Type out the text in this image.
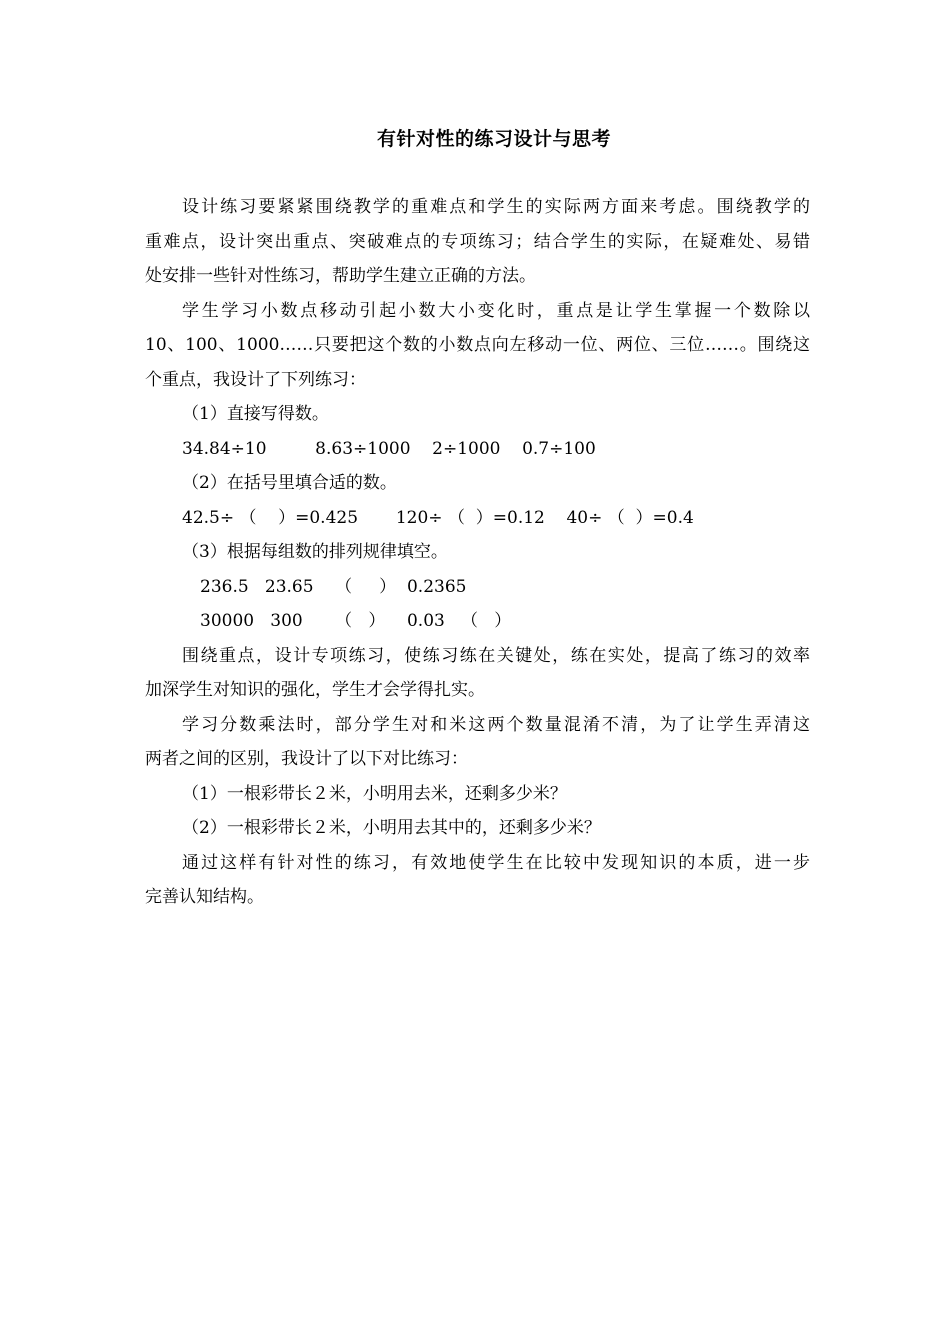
有针对性的练习设计与思考
设计练习要紧紧围绕教学的重难点和学生的实际两方面来考虑。围绕教学的
重难点，设计突出重点、突破难点的专项练习；结合学生的实际，在疑难处、易错
处安排一些针对性练习，帮助学生建立正确的方法。
学生学习小数点移动引起小数大小变化时，重点是让学生掌握一个数除以
10、100、1000……只要把这个数的小数点向左移动一位、两位、三位……。围绕这
个重点，我设计了下列练习：
（1）直接写得数。
34.84÷10         8.63÷1000    2÷1000    0.7÷100
（2）在括号里填合适的数。
42.5÷ （    ）=0.425       120÷ （  ）=0.12    40÷ （  ）=0.4
（3）根据每组数的排列规律填空。
236.5   23.65    （     ）  0.2365
30000   300      （   ）    0.03   （   ）
围绕重点，设计专项练习，使练习练在关键处，练在实处，提高了练习的效率
加深学生对知识的强化，学生才会学得扎实。
学习分数乘法时，部分学生对和米这两个数量混淆不清，为了让学生弄清这
两者之间的区别，我设计了以下对比练习：
（1）一根彩带长２米，小明用去米，还剩多少米？
（2）一根彩带长２米，小明用去其中的，还剩多少米？
通过这样有针对性的练习，有效地使学生在比较中发现知识的本质，进一步
完善认知结构。
